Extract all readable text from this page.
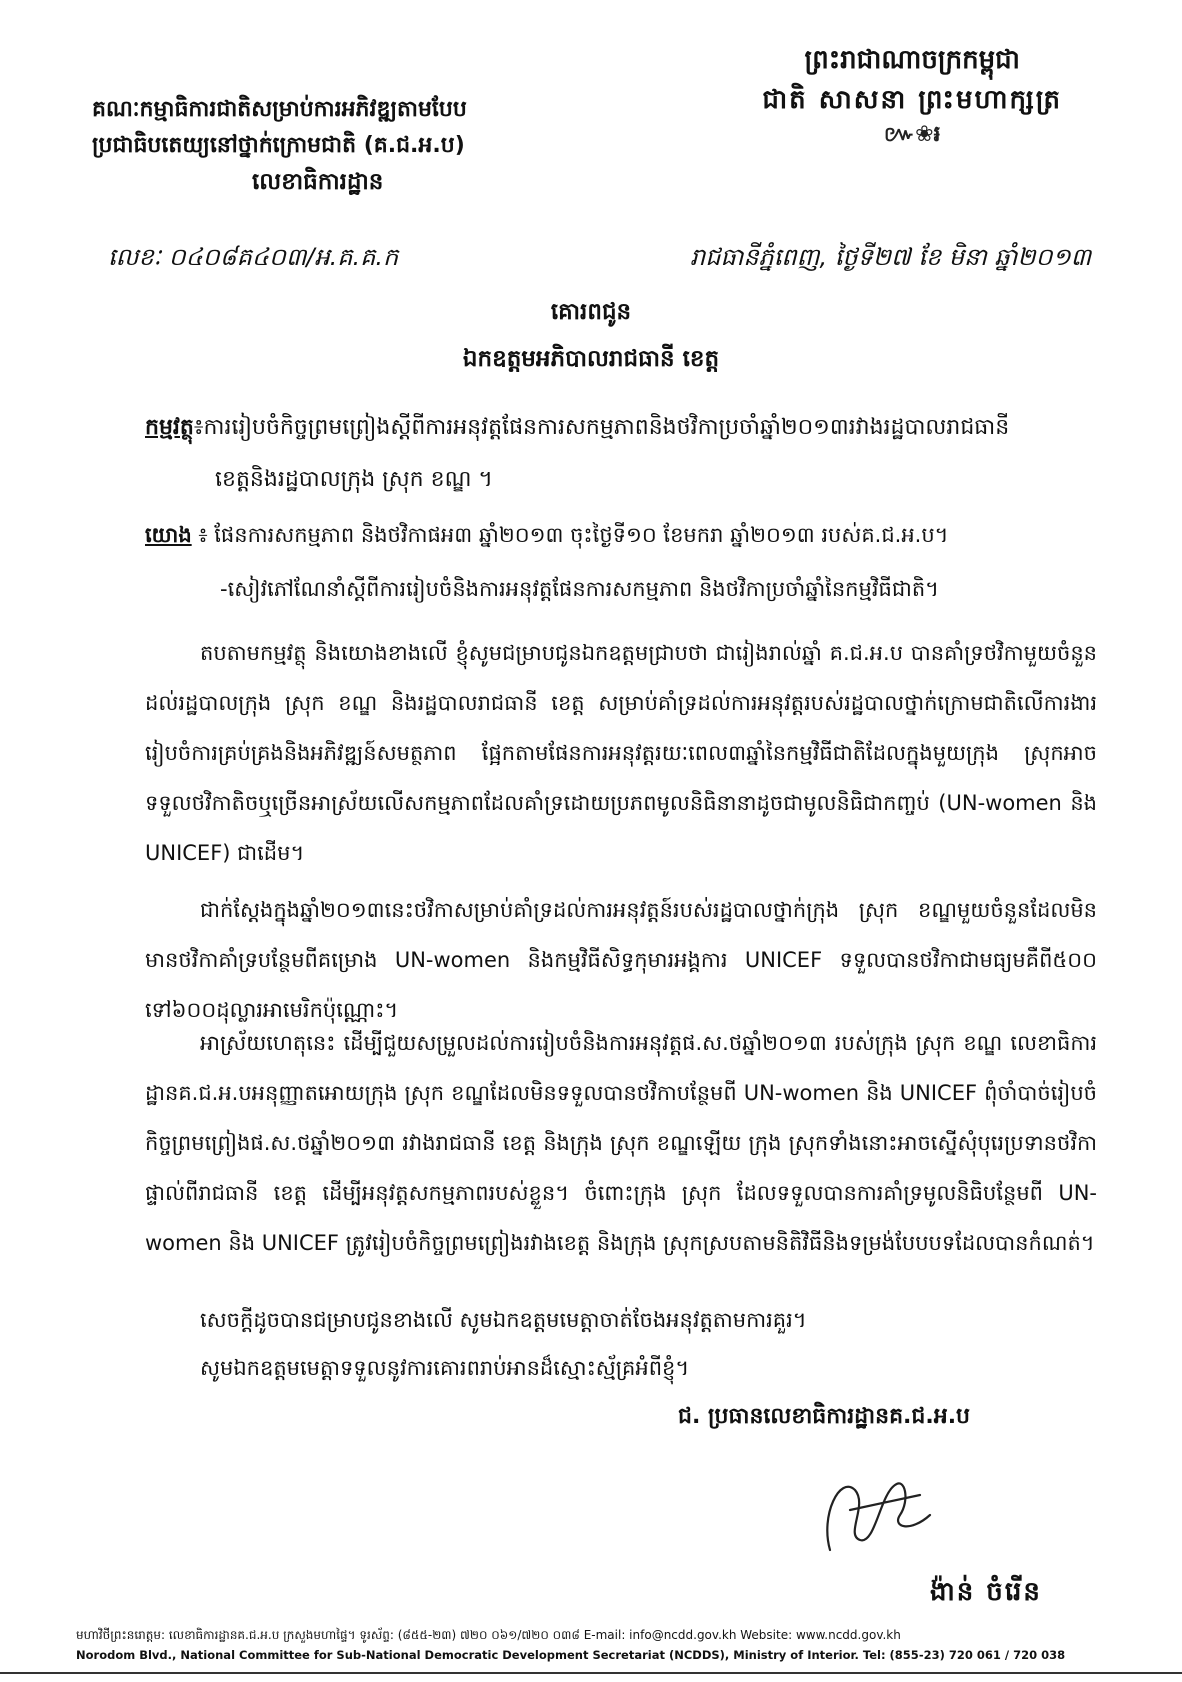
ព្រះរាជាណាចក្រកម្ពុជា
ជាតិ សាសនា ព្រះមហាក្សត្រ
៚❀៛
គណៈកម្មាធិការជាតិសម្រាប់ការអភិវឌ្ឍតាមបែប
ប្រជាធិបតេយ្យនៅថ្នាក់ក្រោមជាតិ (គ.ជ.អ.ប)
លេខាធិការដ្ឋាន
លេខៈ ០៤០៨គ៤០៣/អ.គ.គ.ក	រាជធានីភ្នំពេញ, ថ្ងៃទី២៧ ខែ មិនា ឆ្នាំ២០១៣
គោរពជូន
ឯកឧត្តមអភិបាលរាជធានី ខេត្ត
កម្មវត្ថុ៖ការរៀបចំកិច្ចព្រមព្រៀងស្តីពីការអនុវត្តផែនការសកម្មភាពនិងថវិកាប្រចាំឆ្នាំ២០១៣រវាងរដ្ឋបាលរាជធានី
ខេត្តនិងរដ្ឋបាលក្រុង ស្រុក ខណ្ឌ ។
យោង ៖ ផែនការសកម្មភាព និងថវិកាផអ៣ ឆ្នាំ២០១៣ ចុះថ្ងៃទី១០ ខែមករា ឆ្នាំ២០១៣ របស់គ.ជ.អ.ប។
-សៀវភៅណែនាំស្តីពីការរៀបចំនិងការអនុវត្តផែនការសកម្មភាព និងថវិកាប្រចាំឆ្នាំនៃកម្មវិធីជាតិ។
តបតាមកម្មវត្ថុ និងយោងខាងលើ ខ្ញុំសូមជម្រាបជូនឯកឧត្តមជ្រាបថា ជារៀងរាល់ឆ្នាំ គ.ជ.អ.ប បានគាំទ្រថវិកាមួយចំនួនដល់រដ្ឋបាលក្រុង ស្រុក ខណ្ឌ និងរដ្ឋបាលរាជធានី ខេត្ត សម្រាប់គាំទ្រដល់ការអនុវត្តរបស់រដ្ឋបាលថ្នាក់ក្រោមជាតិលើការងាររៀបចំការគ្រប់គ្រងនិងអភិវឌ្ឍន៍សមត្ថភាព ផ្អែកតាមផែនការអនុវត្តរយៈពេល៣ឆ្នាំនៃកម្មវិធីជាតិដែលក្នុងមួយក្រុង ស្រុកអាចទទួលថវិកាតិចឬច្រើនអាស្រ័យលើសកម្មភាពដែលគាំទ្រដោយប្រភពមូលនិធិនានាដូចជាមូលនិធិជាកញ្ចប់ (UN-women និង UNICEF) ជាដើម។
ជាក់ស្តែងក្នុងឆ្នាំ២០១៣នេះថវិកាសម្រាប់គាំទ្រដល់ការអនុវត្តន៍របស់រដ្ឋបាលថ្នាក់ក្រុង ស្រុក ខណ្ឌមួយចំនួនដែលមិនមានថវិកាគាំទ្របន្ថែមពីគម្រោង UN-women និងកម្មវិធីសិទ្ធកុមារអង្គការ UNICEF ទទួលបានថវិកាជាមធ្យមគឺពី៥០០ ទៅ៦០០ដុល្លារអាមេរិកប៉ុណ្ណោះ។
អាស្រ័យហេតុនេះ ដើម្បីជួយសម្រួលដល់ការរៀបចំនិងការអនុវត្តផ.ស.ថឆ្នាំ២០១៣ របស់ក្រុង ស្រុក ខណ្ឌ លេខាធិការដ្ឋានគ.ជ.អ.បអនុញ្ញាតអោយក្រុង ស្រុក ខណ្ឌដែលមិនទទួលបានថវិកាបន្ថែមពី UN-women និង UNICEF ពុំចាំបាច់រៀបចំកិច្ចព្រមព្រៀងផ.ស.ថឆ្នាំ២០១៣ រវាងរាជធានី ខេត្ត និងក្រុង ស្រុក ខណ្ឌឡើយ ក្រុង ស្រុកទាំងនោះអាចស្នើសុំបុរេប្រទានថវិកាផ្ទាល់ពីរាជធានី ខេត្ត ដើម្បីអនុវត្តសកម្មភាពរបស់ខ្លួន។ ចំពោះក្រុង ស្រុក ដែលទទួលបានការគាំទ្រមូលនិធិបន្ថែមពី UN-women និង UNICEF ត្រូវរៀបចំកិច្ចព្រមព្រៀងរវាងខេត្ត និងក្រុង ស្រុកស្របតាមនិតិវិធីនិងទម្រង់បែបបទដែលបានកំណត់។
សេចក្តីដូចបានជម្រាបជូនខាងលើ សូមឯកឧត្តមមេត្តាចាត់ចែងអនុវត្តតាមការគួរ។
សូមឯកឧត្តមមេត្តាទទួលនូវការគោរពរាប់អានដ៏ស្មោះស្ម័គ្រអំពីខ្ញុំ។
ជ. ប្រធានលេខាធិការដ្ឋានគ.ជ.អ.ប
ង៉ាន់ ចំរើន
មហាវិថីព្រះនរោត្តម: លេខាធិការដ្ឋានគ.ជ.អ.ប ក្រសួងមហាផ្ទៃ។ ទូរស័ព្ទ: (៨៥៥-២៣) ៧២០ ០៦១/៧២០ ០៣៨ E-mail: info@ncdd.gov.kh Website: www.ncdd.gov.kh
Norodom Blvd., National Committee for Sub-National Democratic Development Secretariat (NCDDS), Ministry of Interior. Tel: (855-23) 720 061 / 720 038
